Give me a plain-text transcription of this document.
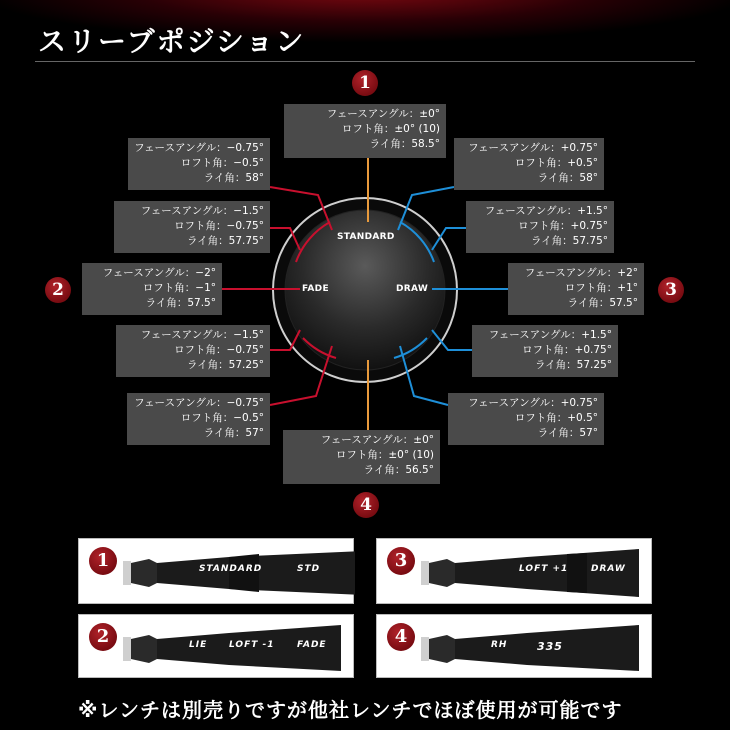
スリーブポジション
STANDARD
FADE	DRAW
1
2	3
4
フェースアングル：±0°
ロフト角：±0° (10)
ライ角：58.5°
フェースアングル：±0°
ロフト角：±0° (10)
ライ角：56.5°
フェースアングル：−0.75°
ロフト角：−0.5°
ライ角：58°
フェースアングル：−1.5°
ロフト角：−0.75°
ライ角：57.75°
フェースアングル：−2°
ロフト角：−1°
ライ角：57.5°
フェースアングル：−1.5°
ロフト角：−0.75°
ライ角：57.25°
フェースアングル：−0.75°
ロフト角：−0.5°
ライ角：57°
フェースアングル：+0.75°
ロフト角：+0.5°
ライ角：58°
フェースアングル：+1.5°
ロフト角：+0.75°
ライ角：57.75°
フェースアングル：+2°
ロフト角：+1°
ライ角：57.5°
フェースアングル：+1.5°
ロフト角：+0.75°
ライ角：57.25°
フェースアングル：+0.75°
ロフト角：+0.5°
ライ角：57°
1	STANDARD	STD	3	LOFT +1	DRAW
2	LIE LOFT -1	FADE	4	RH	335
※レンチは別売りですが他社レンチでほぼ使用が可能です
